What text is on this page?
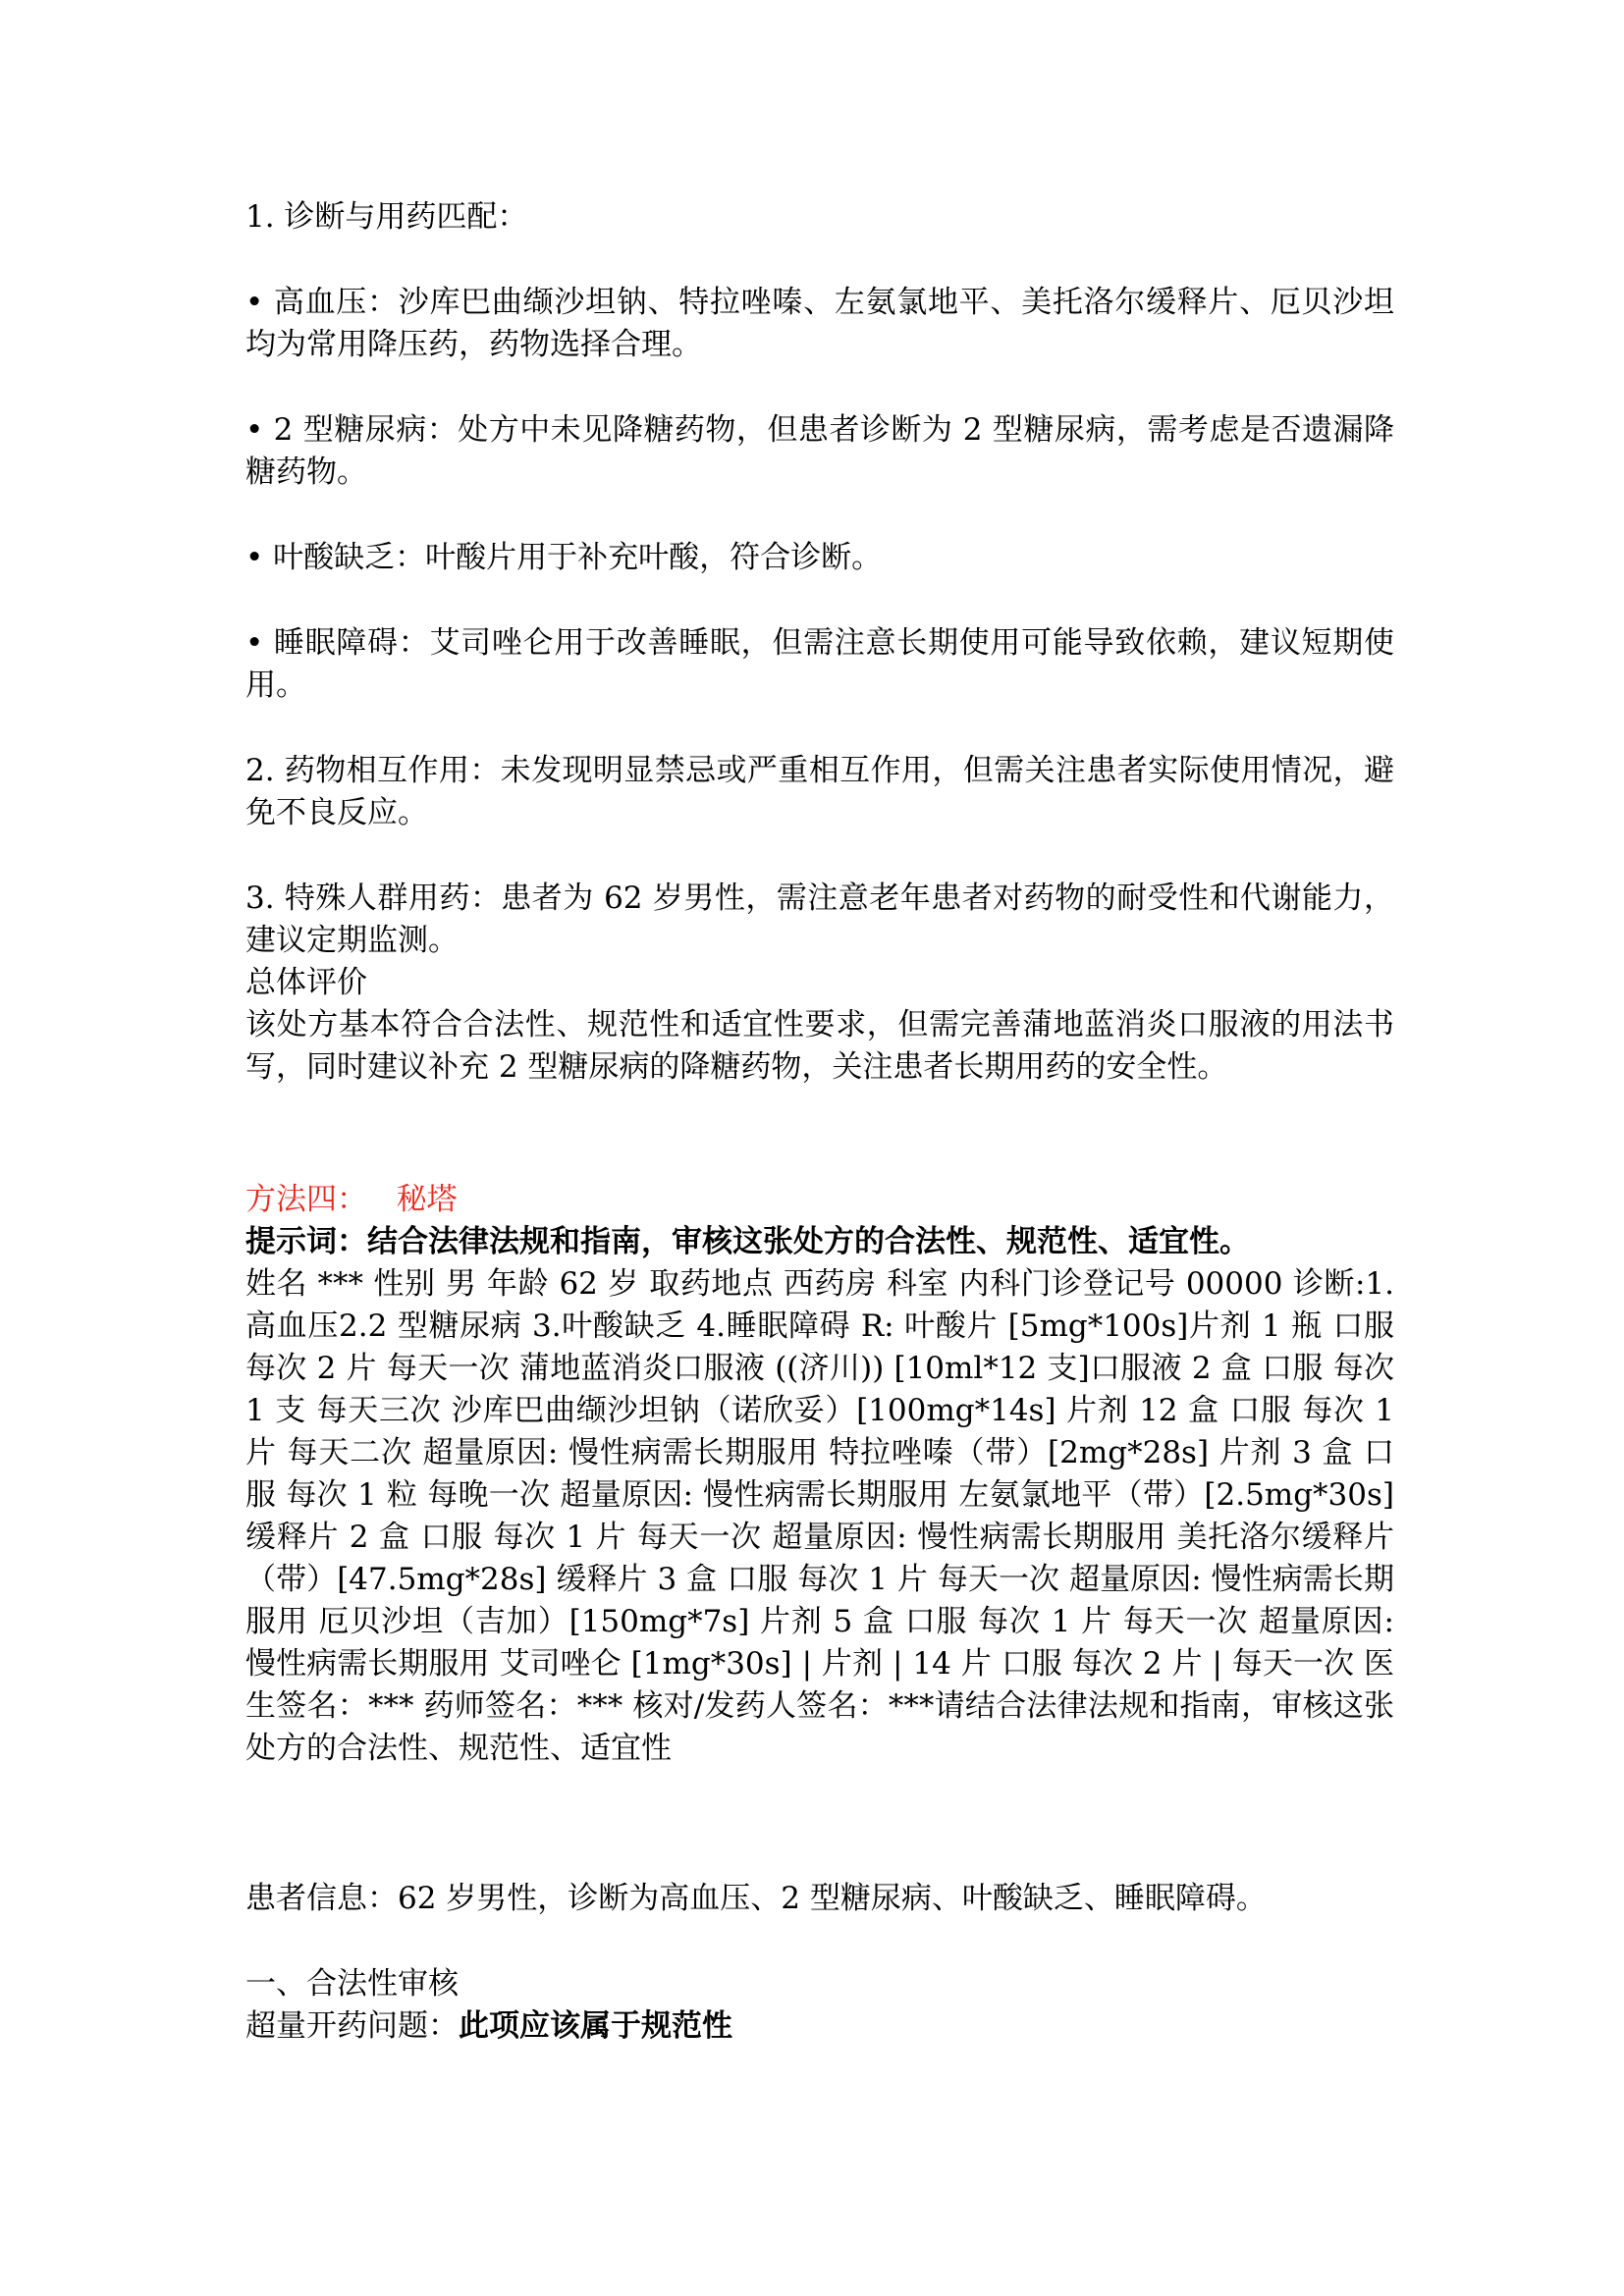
1. 诊断与用药匹配：

• 高血压：沙库巴曲缬沙坦钠、特拉唑嗪、左氨氯地平、美托洛尔缓释片、厄贝沙坦均为常用降压药，药物选择合理。

• 2 型糖尿病：处方中未见降糖药物，但患者诊断为 2 型糖尿病，需考虑是否遗漏降糖药物。

• 叶酸缺乏：叶酸片用于补充叶酸，符合诊断。

• 睡眠障碍：艾司唑仑用于改善睡眠，但需注意长期使用可能导致依赖，建议短期使用。

2. 药物相互作用：未发现明显禁忌或严重相互作用，但需关注患者实际使用情况，避免不良反应。

3. 特殊人群用药：患者为 62 岁男性，需注意老年患者对药物的耐受性和代谢能力，建议定期监测。

总体评价

该处方基本符合合法性、规范性和适宜性要求，但需完善蒲地蓝消炎口服液的用法书写，同时建议补充 2 型糖尿病的降糖药物，关注患者长期用药的安全性。

方法四： 秘塔

提示词：结合法律法规和指南，审核这张处方的合法性、规范性、适宜性。

姓名 *** 性别 男 年龄 62 岁 取药地点 西药房 科室 内科门诊登记号 00000 诊断:1.高血压2.2 型糖尿病 3.叶酸缺乏 4.睡眠障碍 R: 叶酸片 [5mg*100s]片剂 1 瓶 口服 每次 2 片 每天一次 蒲地蓝消炎口服液 ((济川)) [10ml*12 支]口服液 2 盒 口服 每次 1 支 每天三次 沙库巴曲缬沙坦钠（诺欣妥）[100mg*14s] 片剂 12 盒 口服 每次 1 片 每天二次 超量原因: 慢性病需长期服用 特拉唑嗪（带）[2mg*28s] 片剂 3 盒 口服 每次 1 粒 每晚一次 超量原因: 慢性病需长期服用 左氨氯地平（带）[2.5mg*30s] 缓释片 2 盒 口服 每次 1 片 每天一次 超量原因: 慢性病需长期服用 美托洛尔缓释片（带）[47.5mg*28s] 缓释片 3 盒 口服 每次 1 片 每天一次 超量原因: 慢性病需长期服用 厄贝沙坦（吉加）[150mg*7s] 片剂 5 盒 口服 每次 1 片 每天一次 超量原因: 慢性病需长期服用 艾司唑仑 [1mg*30s] | 片剂 | 14 片 口服 每次 2 片 | 每天一次 医生签名：*** 药师签名：*** 核对/发药人签名：***请结合法律法规和指南，审核这张处方的合法性、规范性、适宜性

患者信息：62 岁男性，诊断为高血压、2 型糖尿病、叶酸缺乏、睡眠障碍。

一、合法性审核

超量开药问题：此项应该属于规范性
